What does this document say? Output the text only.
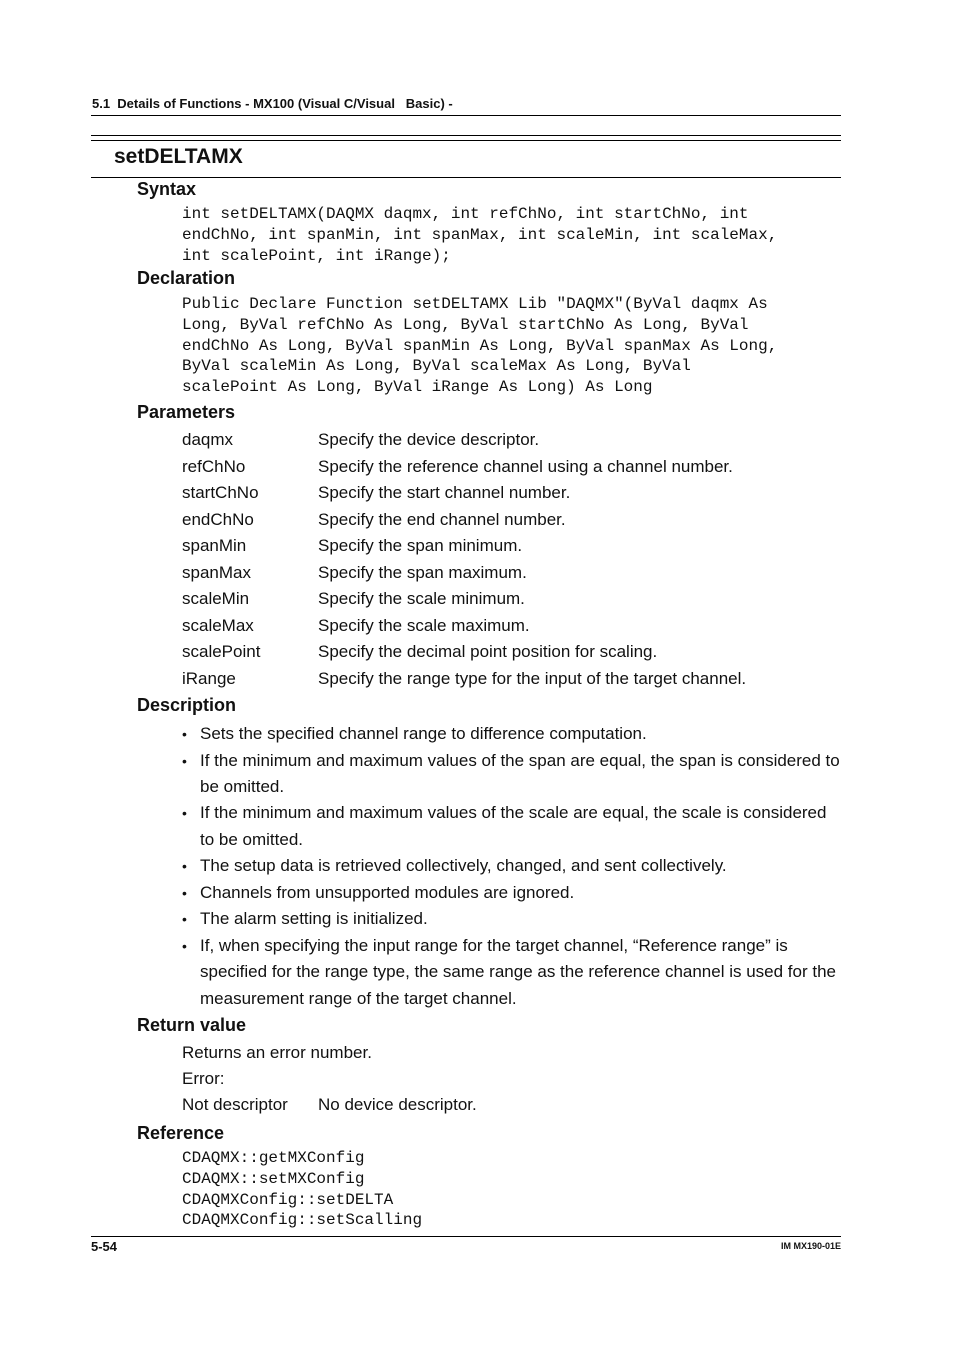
5.1  Details of Functions - MX100 (Visual C/Visual   Basic) -
setDELTAMX
Syntax
int setDELTAMX(DAQMX daqmx, int refChNo, int startChNo, int
endChNo, int spanMin, int spanMax, int scaleMin, int scaleMax,
int scalePoint, int iRange);
Declaration
Public Declare Function setDELTAMX Lib "DAQMX"(ByVal daqmx As
Long, ByVal refChNo As Long, ByVal startChNo As Long, ByVal
endChNo As Long, ByVal spanMin As Long, ByVal spanMax As Long,
ByVal scaleMin As Long, ByVal scaleMax As Long, ByVal
scalePoint As Long, ByVal iRange As Long) As Long
Parameters
daqmx	Specify the device descriptor.
refChNo	Specify the reference channel using a channel number.
startChNo	Specify the start channel number.
endChNo	Specify the end channel number.
spanMin	Specify the span minimum.
spanMax	Specify the span maximum.
scaleMin	Specify the scale minimum.
scaleMax	Specify the scale maximum.
scalePoint	Specify the decimal point position for scaling.
iRange	Specify the range type for the input of the target channel.
Description
• Sets the specified channel range to difference computation.
• If the minimum and maximum values of the span are equal, the span is considered to be omitted.
• If the minimum and maximum values of the scale are equal, the scale is considered to be omitted.
• The setup data is retrieved collectively, changed, and sent collectively.
• Channels from unsupported modules are ignored.
• The alarm setting is initialized.
• If, when specifying the input range for the target channel, “Reference range” is specified for the range type, the same range as the reference channel is used for the measurement range of the target channel.
Return value
Returns an error number.
Error:
Not descriptor	No device descriptor.
Reference
CDAQMX::getMXConfig
CDAQMX::setMXConfig
CDAQMXConfig::setDELTA
CDAQMXConfig::setScalling
5-54	IM MX190-01E
